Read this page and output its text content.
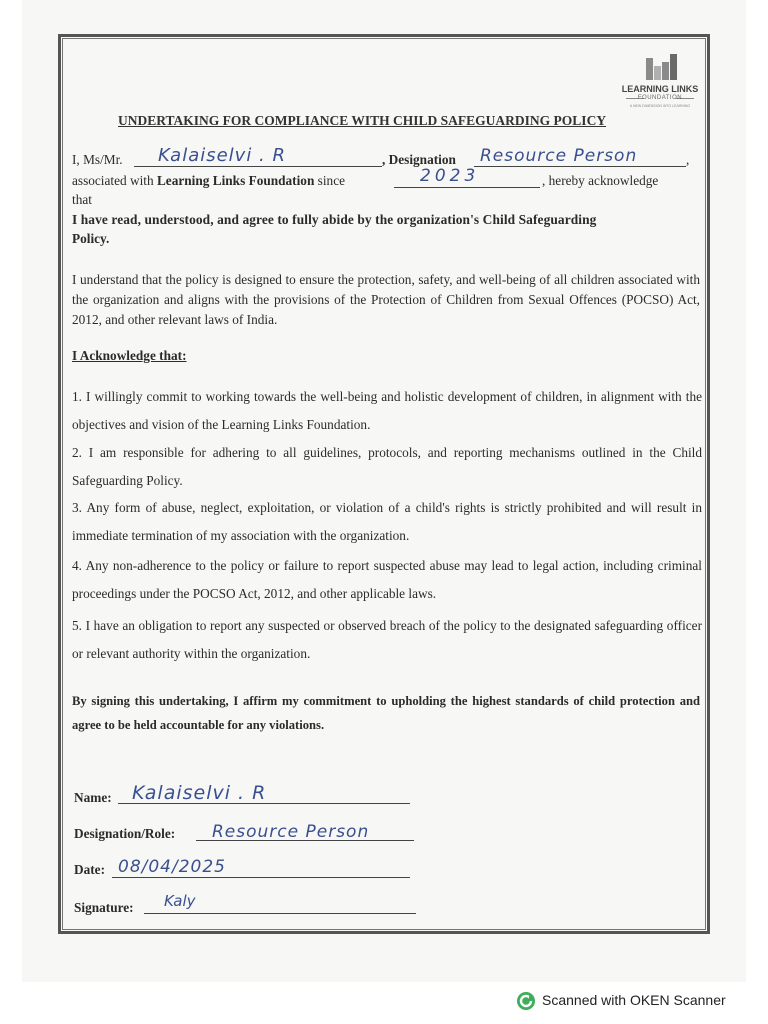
LEARNING LINKS
FOUNDATION
A NEW DIMENSION INTO LEARNING
UNDERTAKING FOR COMPLIANCE WITH CHILD SAFEGUARDING POLICY
I, Ms/Mr. Kalaiselvi . R	, Designation Resource Person	,
associated with Learning Links Foundation since	2023	, hereby acknowledge
that
I have read, understood, and agree to fully abide by the organization's Child Safeguarding
Policy.
I understand that the policy is designed to ensure the protection, safety, and well-being of all children associated with the organization and aligns with the provisions of the Protection of Children from Sexual Offences (POCSO) Act, 2012, and other relevant laws of India.
I Acknowledge that:
1. I willingly commit to working towards the well-being and holistic development of children, in alignment with the objectives and vision of the Learning Links Foundation.
2. I am responsible for adhering to all guidelines, protocols, and reporting mechanisms outlined in the Child Safeguarding Policy.
3. Any form of abuse, neglect, exploitation, or violation of a child's rights is strictly prohibited and will result in immediate termination of my association with the organization.
4. Any non-adherence to the policy or failure to report suspected abuse may lead to legal action, including criminal proceedings under the POCSO Act, 2012, and other applicable laws.
5. I have an obligation to report any suspected or observed breach of the policy to the designated safeguarding officer or relevant authority within the organization.
By signing this undertaking, I affirm my commitment to upholding the highest standards of child protection and agree to be held accountable for any violations.
Name: Kalaiselvi . R
Designation/Role: Resource Person
Date: 08/04/2025
Signature: Kaly
Scanned with OKEN Scanner
